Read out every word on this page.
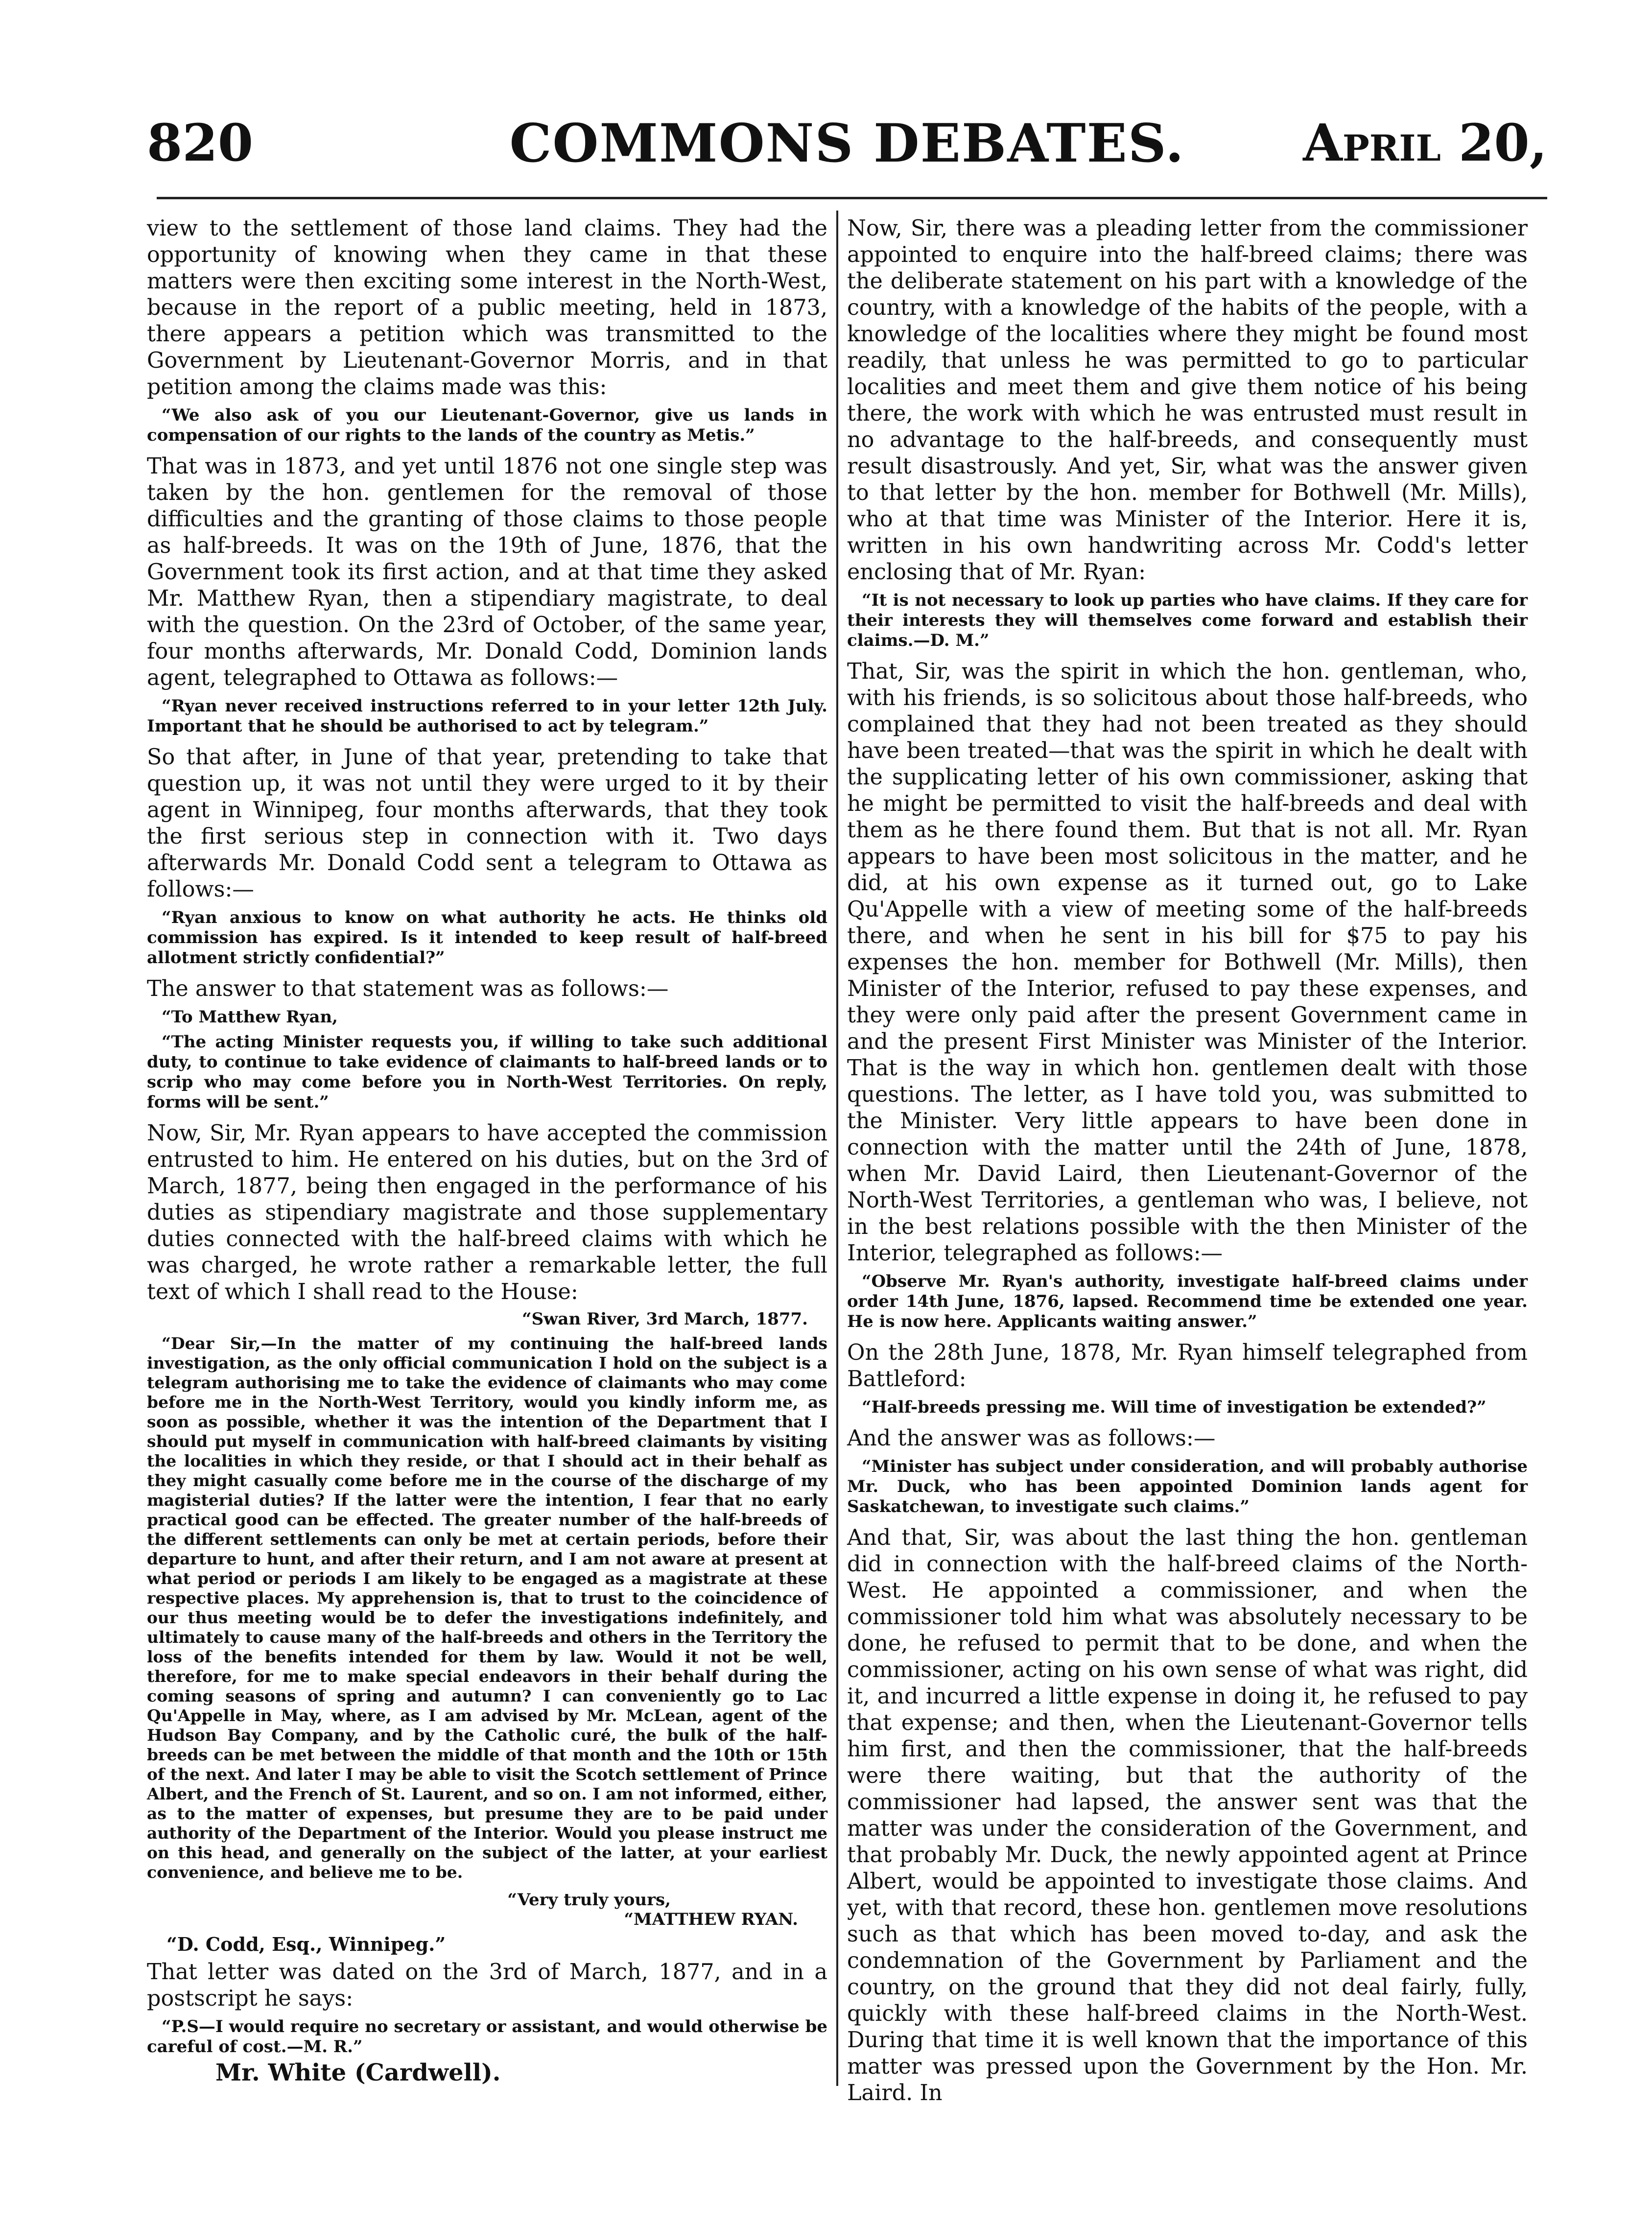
820	COMMONS DEBATES.	April 20,

view to the settlement of those land claims. They had the opportunity of knowing when they came in that these matters were then exciting some interest in the North-West, because in the report of a public meeting, held in 1873, there appears a petition which was transmitted to the Government by Lieutenant-Governor Morris, and in that petition among the claims made was this:

“We also ask of you our Lieutenant-Governor, give us lands in compensation of our rights to the lands of the country as Metis.”

That was in 1873, and yet until 1876 not one single step was taken by the hon. gentlemen for the removal of those difficulties and the granting of those claims to those people as half-breeds. It was on the 19th of June, 1876, that the Government took its first action, and at that time they asked Mr. Matthew Ryan, then a stipendiary magistrate, to deal with the question. On the 23rd of October, of the same year, four months afterwards, Mr. Donald Codd, Dominion lands agent, telegraphed to Ottawa as follows:—

“Ryan never received instructions referred to in your letter 12th July. Important that he should be authorised to act by telegram.”

So that after, in June of that year, pretending to take that question up, it was not until they were urged to it by their agent in Winnipeg, four months afterwards, that they took the first serious step in connection with it. Two days afterwards Mr. Donald Codd sent a telegram to Ottawa as follows:—

“Ryan anxious to know on what authority he acts. He thinks old commission has expired. Is it intended to keep result of half-breed allotment strictly confidential?”

The answer to that statement was as follows:—

“To Matthew Ryan,

“The acting Minister requests you, if willing to take such additional duty, to continue to take evidence of claimants to half-breed lands or to scrip who may come before you in North-West Territories. On reply, forms will be sent.”

Now, Sir, Mr. Ryan appears to have accepted the commission entrusted to him. He entered on his duties, but on the 3rd of March, 1877, being then engaged in the performance of his duties as stipendiary magistrate and those supplementary duties connected with the half-breed claims with which he was charged, he wrote rather a remarkable letter, the full text of which I shall read to the House:

“Swan River, 3rd March, 1877.

“Dear Sir,—In the matter of my continuing the half-breed lands investigation, as the only official communication I hold on the subject is a telegram authorising me to take the evidence of claimants who may come before me in the North-West Territory, would you kindly inform me, as soon as possible, whether it was the intention of the Department that I should put myself in communication with half-breed claimants by visiting the localities in which they reside, or that I should act in their behalf as they might casually come before me in the course of the discharge of my magisterial duties? If the latter were the intention, I fear that no early practical good can be effected. The greater number of the half-breeds of the different settlements can only be met at certain periods, before their departure to hunt, and after their return, and I am not aware at present at what period or periods I am likely to be engaged as a magistrate at these respective places. My apprehension is, that to trust to the coincidence of our thus meeting would be to defer the investigations indefinitely, and ultimately to cause many of the half-breeds and others in the Territory the loss of the benefits intended for them by law. Would it not be well, therefore, for me to make special endeavors in their behalf during the coming seasons of spring and autumn? I can conveniently go to Lac Qu'Appelle in May, where, as I am advised by Mr. McLean, agent of the Hudson Bay Company, and by the Catholic curé, the bulk of the half-breeds can be met between the middle of that month and the 10th or 15th of the next. And later I may be able to visit the Scotch settlement of Prince Albert, and the French of St. Laurent, and so on. I am not informed, either, as to the matter of expenses, but presume they are to be paid under authority of the Department of the Interior. Would you please instruct me on this head, and generally on the subject of the latter, at your earliest convenience, and believe me to be.

“Very truly yours,

“MATTHEW RYAN.

“D. Codd, Esq., Winnipeg.”

That letter was dated on the 3rd of March, 1877, and in a postscript he says:

“P.S—I would require no secretary or assistant, and would otherwise be careful of cost.—M. R.”

Mr. White (Cardwell).

Now, Sir, there was a pleading letter from the commissioner appointed to enquire into the half-breed claims; there was the deliberate statement on his part with a knowledge of the country, with a knowledge of the habits of the people, with a knowledge of the localities where they might be found most readily, that unless he was permitted to go to particular localities and meet them and give them notice of his being there, the work with which he was entrusted must result in no advantage to the half-breeds, and consequently must result disastrously. And yet, Sir, what was the answer given to that letter by the hon. member for Bothwell (Mr. Mills), who at that time was Minister of the Interior. Here it is, written in his own handwriting across Mr. Codd's letter enclosing that of Mr. Ryan:

“It is not necessary to look up parties who have claims. If they care for their interests they will themselves come forward and establish their claims.—D. M.”

That, Sir, was the spirit in which the hon. gentleman, who, with his friends, is so solicitous about those half-breeds, who complained that they had not been treated as they should have been treated—that was the spirit in which he dealt with the supplicating letter of his own commissioner, asking that he might be permitted to visit the half-breeds and deal with them as he there found them. But that is not all. Mr. Ryan appears to have been most solicitous in the matter, and he did, at his own expense as it turned out, go to Lake Qu'Appelle with a view of meeting some of the half-breeds there, and when he sent in his bill for $75 to pay his expenses the hon. member for Bothwell (Mr. Mills), then Minister of the Interior, refused to pay these expenses, and they were only paid after the present Government came in and the present First Minister was Minister of the Interior. That is the way in which hon. gentlemen dealt with those questions. The letter, as I have told you, was submitted to the Minister. Very little appears to have been done in connection with the matter until the 24th of June, 1878, when Mr. David Laird, then Lieutenant-Governor of the North-West Territories, a gentleman who was, I believe, not in the best relations possible with the then Minister of the Interior, telegraphed as follows:—

“Observe Mr. Ryan's authority, investigate half-breed claims under order 14th June, 1876, lapsed. Recommend time be extended one year. He is now here. Applicants waiting answer.”

On the 28th June, 1878, Mr. Ryan himself telegraphed from Battleford:

“Half-breeds pressing me. Will time of investigation be extended?”

And the answer was as follows:—

“Minister has subject under consideration, and will probably authorise Mr. Duck, who has been appointed Dominion lands agent for Saskatchewan, to investigate such claims.”

And that, Sir, was about the last thing the hon. gentleman did in connection with the half-breed claims of the North-West. He appointed a commissioner, and when the commissioner told him what was absolutely necessary to be done, he refused to permit that to be done, and when the commissioner, acting on his own sense of what was right, did it, and incurred a little expense in doing it, he refused to pay that expense; and then, when the Lieutenant-Governor tells him first, and then the commissioner, that the half-breeds were there waiting, but that the authority of the commissioner had lapsed, the answer sent was that the matter was under the consideration of the Government, and that probably Mr. Duck, the newly appointed agent at Prince Albert, would be appointed to investigate those claims. And yet, with that record, these hon. gentlemen move resolutions such as that which has been moved to-day, and ask the condemnation of the Government by Parliament and the country, on the ground that they did not deal fairly, fully, quickly with these half-breed claims in the North-West. During that time it is well known that the importance of this matter was pressed upon the Government by the Hon. Mr. Laird. In
